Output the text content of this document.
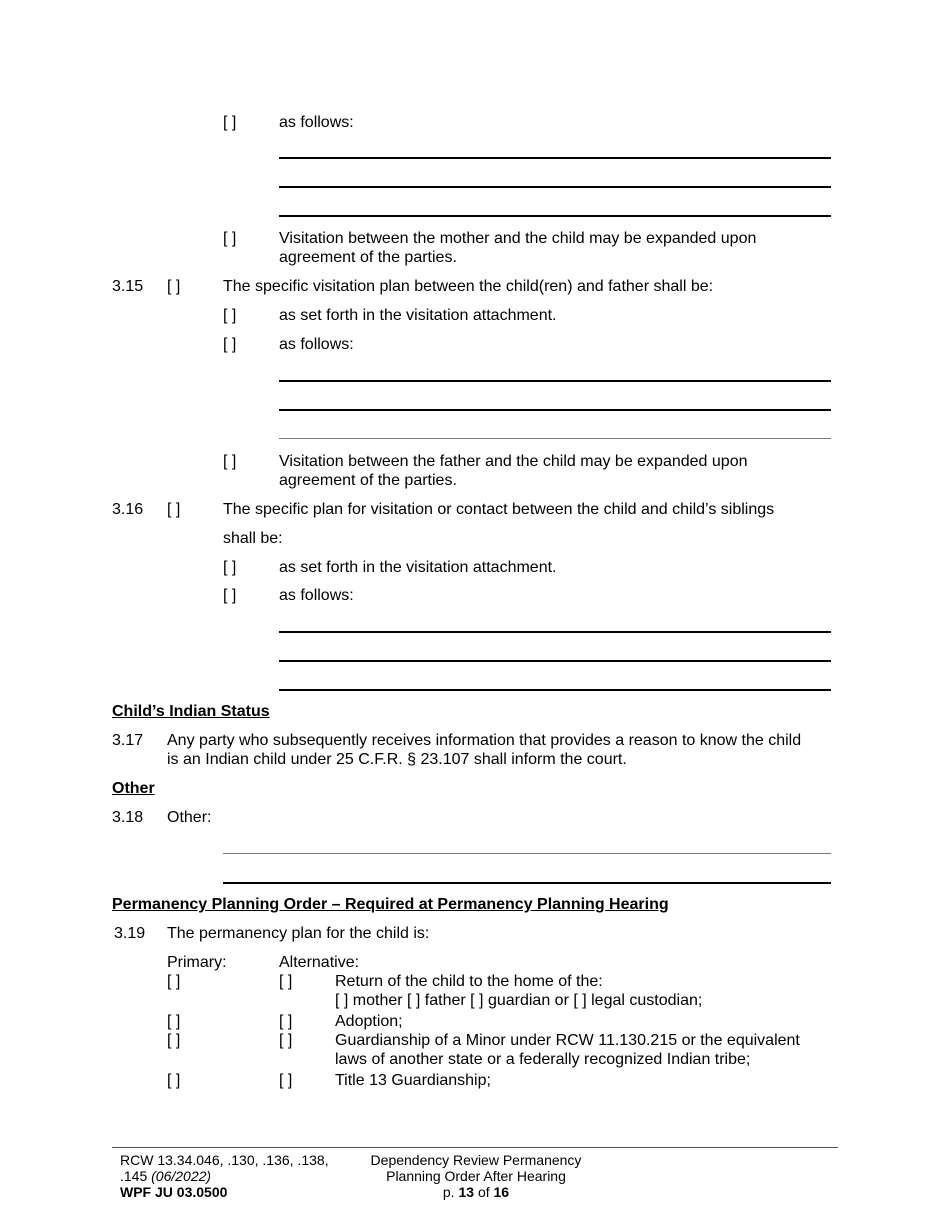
[ ]	as follows:
[ ]	Visitation between the mother and the child may be expanded upon
agreement of the parties.
3.15 [ ]	The specific visitation plan between the child(ren) and father shall be:
[ ]	as set forth in the visitation attachment.
[ ]	as follows:
[ ]	Visitation between the father and the child may be expanded upon
agreement of the parties.
3.16 [ ]	The specific plan for visitation or contact between the child and child’s siblings
shall be:
[ ]	as set forth in the visitation attachment.
[ ]	as follows:
Child’s Indian Status
3.17 Any party who subsequently receives information that provides a reason to know the child
is an Indian child under 25 C.F.R. § 23.107 shall inform the court.
Other
3.18 Other:
Permanency Planning Order – Required at Permanency Planning Hearing
3.19 The permanency plan for the child is:
Primary:	Alternative:
[ ]	[ ]	Return of the child to the home of the:
[ ] mother [ ] father [ ] guardian or [ ] legal custodian;
[ ]	[ ]	Adoption;
[ ]	[ ]	Guardianship of a Minor under RCW 11.130.215 or the equivalent
laws of another state or a federally recognized Indian tribe;
[ ]	[ ]	Title 13 Guardianship;
RCW 13.34.046, .130, .136, .138,
.145 (06/2022)
WPF JU 03.0500
Dependency Review Permanency
Planning Order After Hearing
p. 13 of 16
